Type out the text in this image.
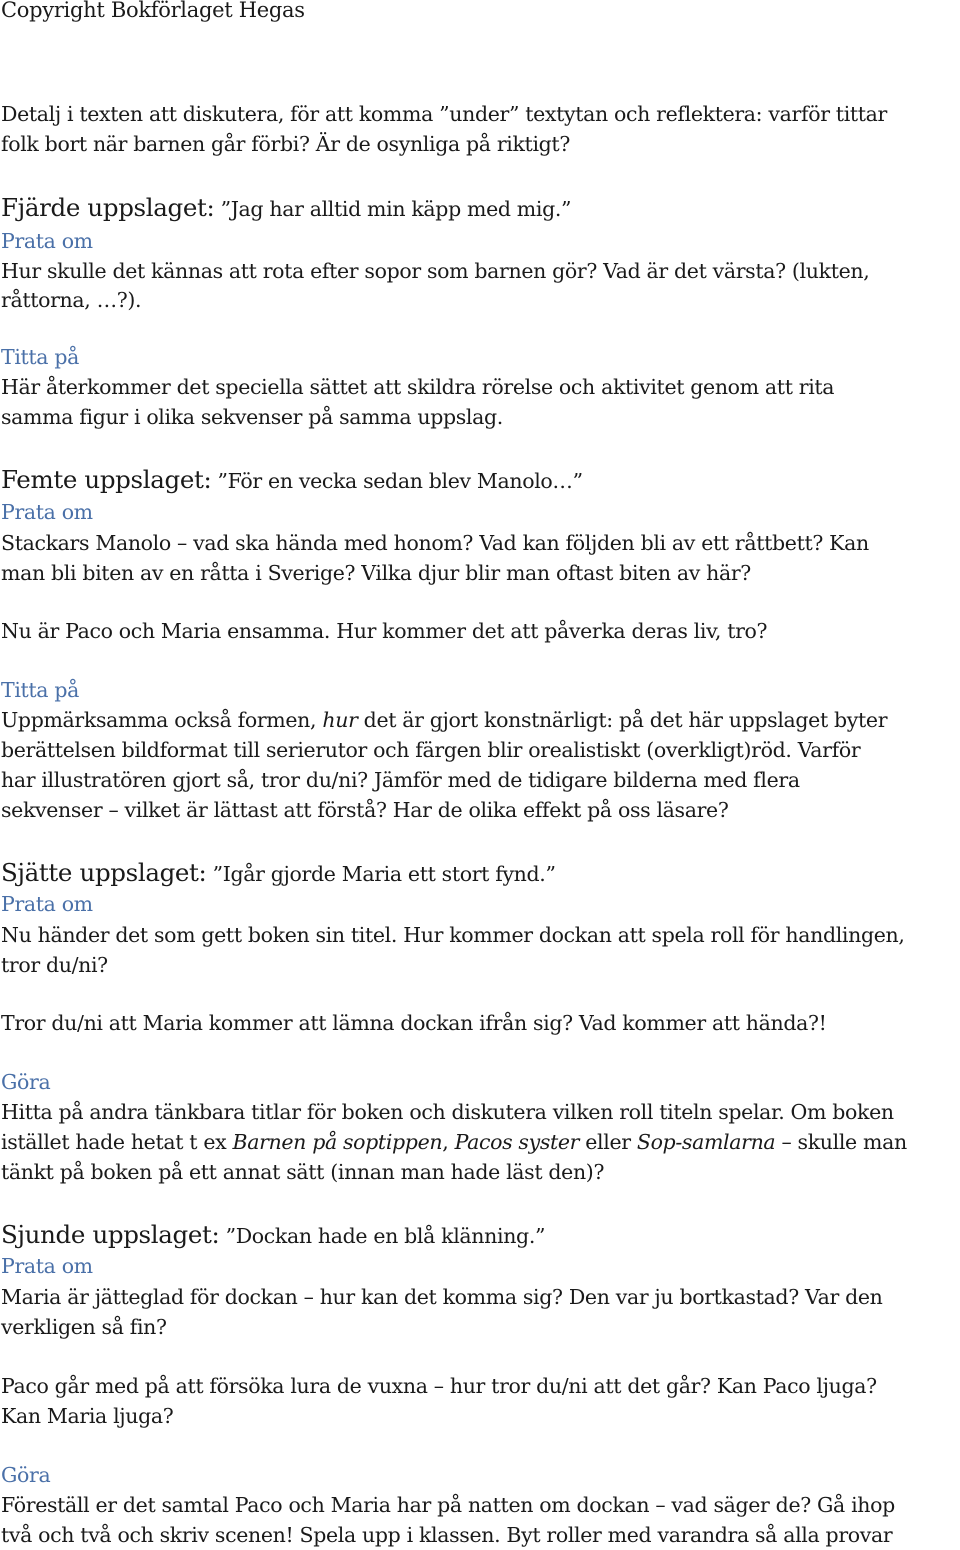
Copyright Bokförlaget Hegas

Detalj i texten att diskutera, för att komma ”under” textytan och reflektera: varför tittar

folk bort när barnen går förbi? Är de osynliga på riktigt?

Fjärde uppslaget: ”Jag har alltid min käpp med mig.”

Prata om

Hur skulle det kännas att rota efter sopor som barnen gör? Vad är det värsta? (lukten,

råttorna, …?).

Titta på

Här återkommer det speciella sättet att skildra rörelse och aktivitet genom att rita

samma figur i olika sekvenser på samma uppslag.

Femte uppslaget: ”För en vecka sedan blev Manolo…”

Prata om

Stackars Manolo – vad ska hända med honom? Vad kan följden bli av ett råttbett? Kan

man bli biten av en råtta i Sverige? Vilka djur blir man oftast biten av här?

Nu är Paco och Maria ensamma. Hur kommer det att påverka deras liv, tro?

Titta på

Uppmärksamma också formen, hur det är gjort konstnärligt: på det här uppslaget byter

berättelsen bildformat till serierutor och färgen blir orealistiskt (overkligt)röd. Varför

har illustratören gjort så, tror du/ni? Jämför med de tidigare bilderna med flera

sekvenser – vilket är lättast att förstå? Har de olika effekt på oss läsare?

Sjätte uppslaget: ”Igår gjorde Maria ett stort fynd.”

Prata om

Nu händer det som gett boken sin titel. Hur kommer dockan att spela roll för handlingen,

tror du/ni?

Tror du/ni att Maria kommer att lämna dockan ifrån sig? Vad kommer att hända?!

Göra

Hitta på andra tänkbara titlar för boken och diskutera vilken roll titeln spelar. Om boken

istället hade hetat t ex Barnen på soptippen, Pacos syster eller Sop-samlarna – skulle man

tänkt på boken på ett annat sätt (innan man hade läst den)?

Sjunde uppslaget: ”Dockan hade en blå klänning.”

Prata om

Maria är jätteglad för dockan – hur kan det komma sig? Den var ju bortkastad? Var den

verkligen så fin?

Paco går med på att försöka lura de vuxna – hur tror du/ni att det går? Kan Paco ljuga?

Kan Maria ljuga?

Göra

Föreställ er det samtal Paco och Maria har på natten om dockan – vad säger de? Gå ihop

två och två och skriv scenen! Spela upp i klassen. Byt roller med varandra så alla provar
